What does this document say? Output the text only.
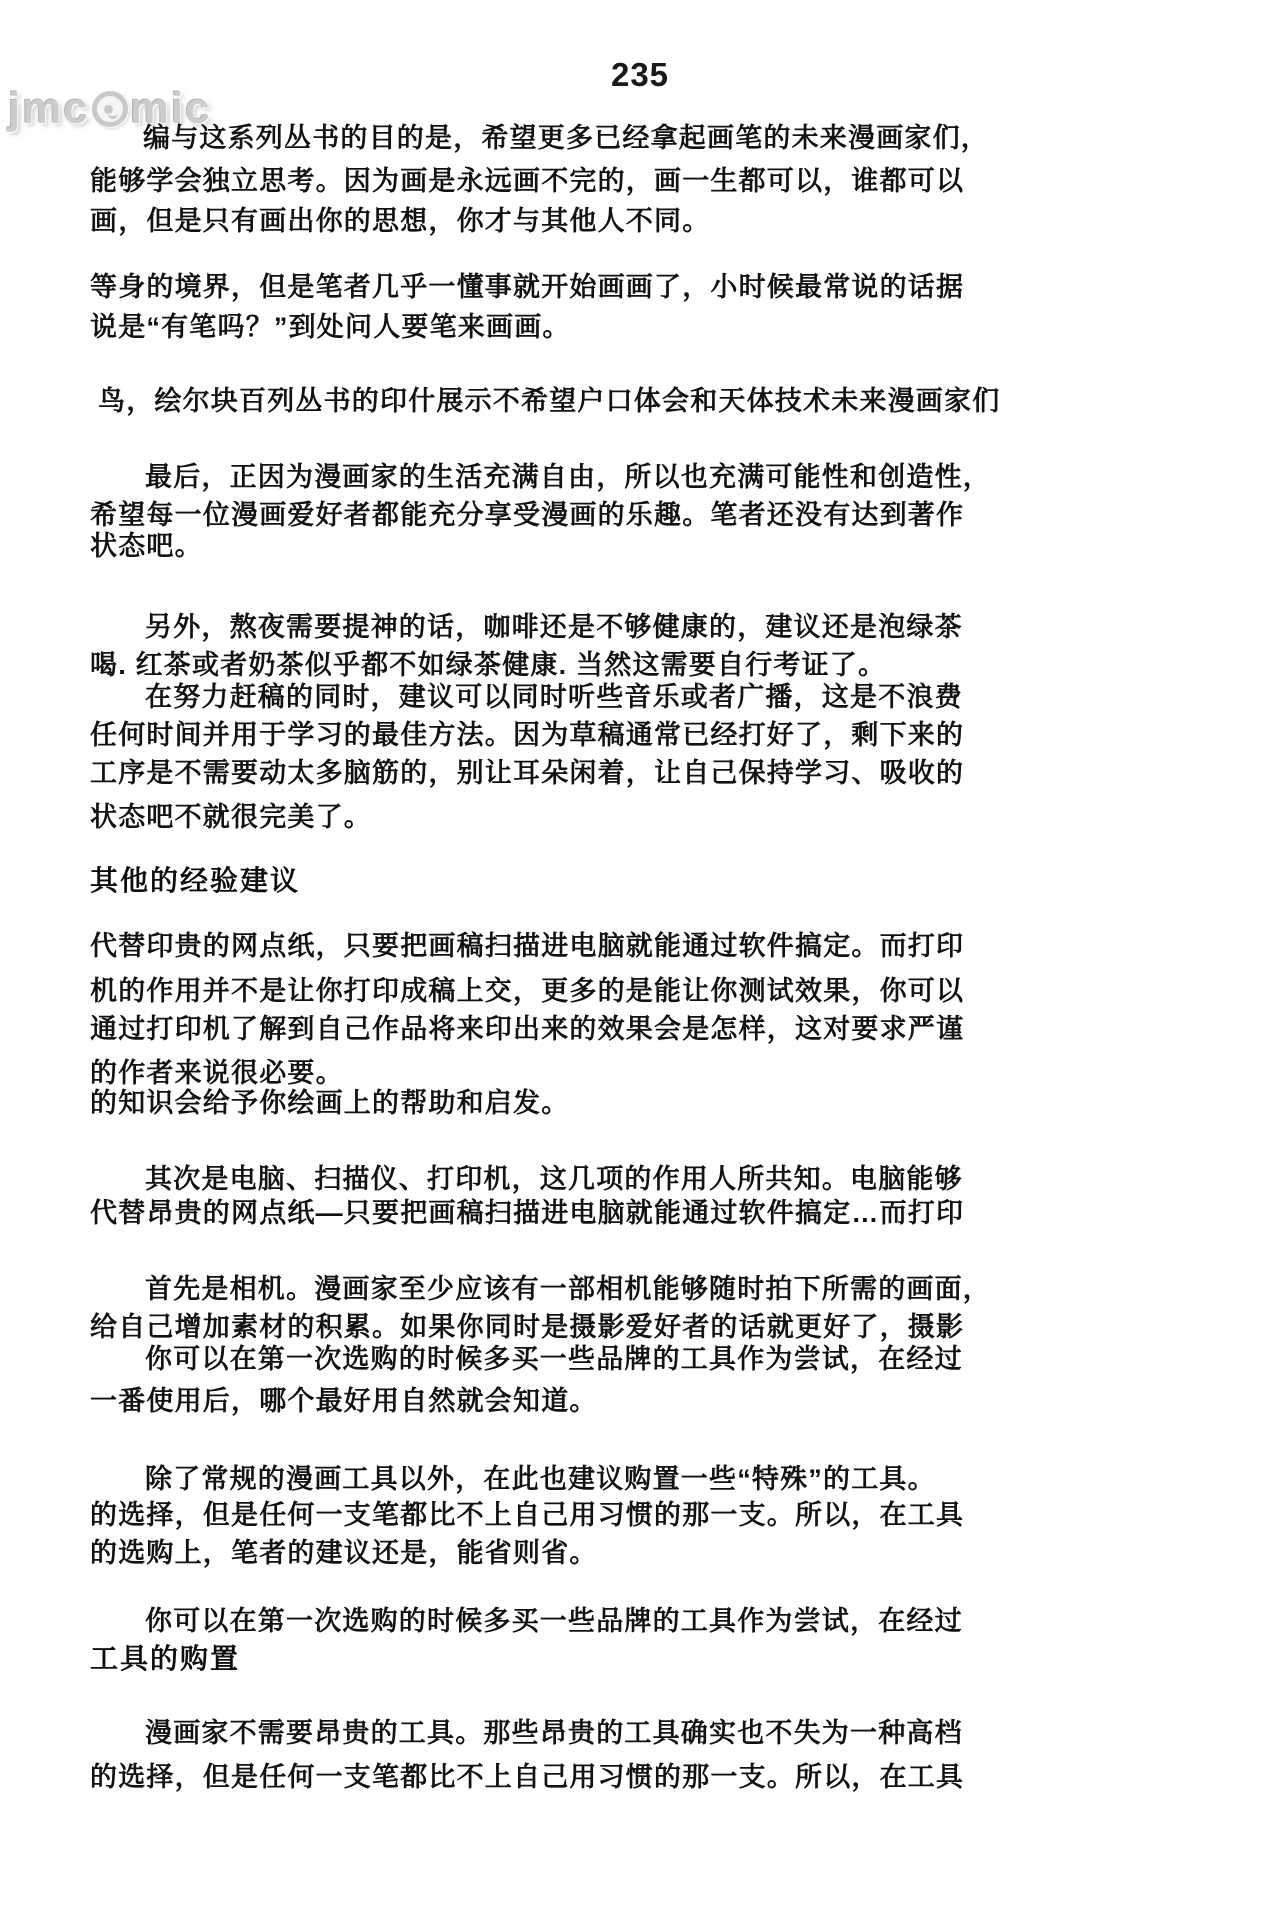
jmc mic
235
编与这系列丛书的目的是，希望更多已经拿起画笔的未来漫画家们，
能够学会独立思考。因为画是永远画不完的，画一生都可以，谁都可以
画，但是只有画出你的思想，你才与其他人不同。
等身的境界，但是笔者几乎一懂事就开始画画了，小时候最常说的话据
说是“有笔吗？”到处问人要笔来画画。
鸟，绘尔块百列丛书的印什展示不希望户口体会和天体技术未来漫画家们
最后，正因为漫画家的生活充满自由，所以也充满可能性和创造性，
希望每一位漫画爱好者都能充分享受漫画的乐趣。笔者还没有达到著作
状态吧。
另外，熬夜需要提神的话，咖啡还是不够健康的，建议还是泡绿茶
喝. 红茶或者奶茶似乎都不如绿茶健康. 当然这需要自行考证了。
在努力赶稿的同时，建议可以同时听些音乐或者广播，这是不浪费
任何时间并用于学习的最佳方法。因为草稿通常已经打好了，剩下来的
工序是不需要动太多脑筋的，别让耳朵闲着，让自己保持学习、吸收的
状态吧不就很完美了。
其他的经验建议
代替印贵的网点纸，只要把画稿扫描进电脑就能通过软件搞定。而打印
机的作用并不是让你打印成稿上交，更多的是能让你测试效果，你可以
通过打印机了解到自己作品将来印出来的效果会是怎样，这对要求严谨
的作者来说很必要。
的知识会给予你绘画上的帮助和启发。
其次是电脑、扫描仪、打印机，这几项的作用人所共知。电脑能够
代替昂贵的网点纸—只要把画稿扫描进电脑就能通过软件搞定…而打印
首先是相机。漫画家至少应该有一部相机能够随时拍下所需的画面，
给自己增加素材的积累。如果你同时是摄影爱好者的话就更好了，摄影
你可以在第一次选购的时候多买一些品牌的工具作为尝试，在经过
一番使用后，哪个最好用自然就会知道。
除了常规的漫画工具以外，在此也建议购置一些“特殊”的工具。
的选择，但是任何一支笔都比不上自己用习惯的那一支。所以，在工具
的选购上，笔者的建议还是，能省则省。
你可以在第一次选购的时候多买一些品牌的工具作为尝试，在经过
工具的购置
漫画家不需要昂贵的工具。那些昂贵的工具确实也不失为一种高档
的选择，但是任何一支笔都比不上自己用习惯的那一支。所以，在工具
